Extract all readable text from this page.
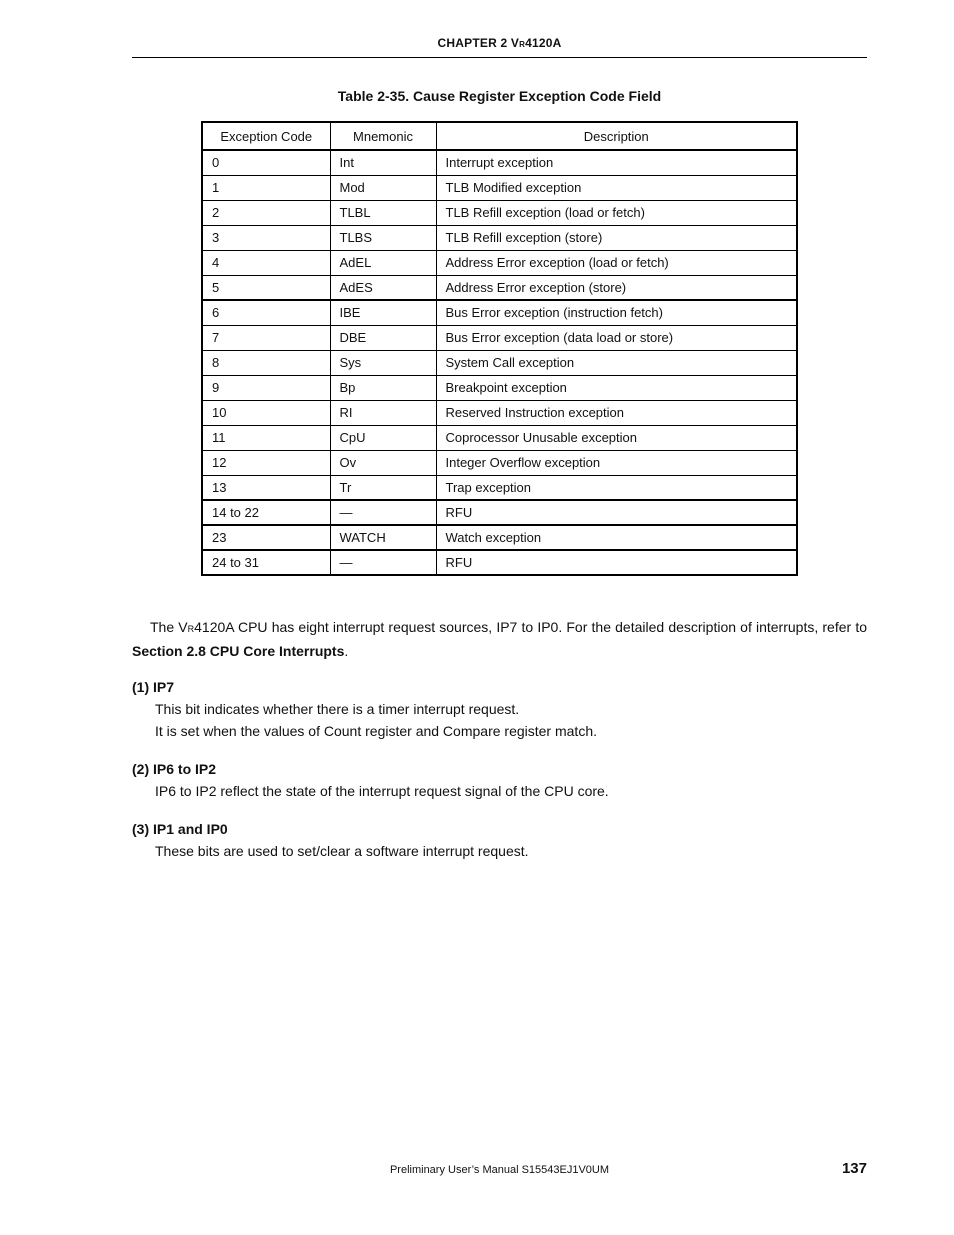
CHAPTER 2 VR4120A
Table 2-35. Cause Register Exception Code Field
Exception Code	Mnemonic	Description
0	Int	Interrupt exception
1	Mod	TLB Modified exception
2	TLBL	TLB Refill exception (load or fetch)
3	TLBS	TLB Refill exception (store)
4	AdEL	Address Error exception (load or fetch)
5	AdES	Address Error exception (store)
6	IBE	Bus Error exception (instruction fetch)
7	DBE	Bus Error exception (data load or store)
8	Sys	System Call exception
9	Bp	Breakpoint exception
10	RI	Reserved Instruction exception
11	CpU	Coprocessor Unusable exception
12	Ov	Integer Overflow exception
13	Tr	Trap exception
14 to 22	—	RFU
23	WATCH	Watch exception
24 to 31	—	RFU
The VR4120A CPU has eight interrupt request sources, IP7 to IP0. For the detailed description of interrupts, refer to Section 2.8 CPU Core Interrupts.
(1) IP7
This bit indicates whether there is a timer interrupt request.
It is set when the values of Count register and Compare register match.
(2) IP6 to IP2
IP6 to IP2 reflect the state of the interrupt request signal of the CPU core.
(3) IP1 and IP0
These bits are used to set/clear a software interrupt request.
Preliminary User’s Manual S15543EJ1V0UM	137
